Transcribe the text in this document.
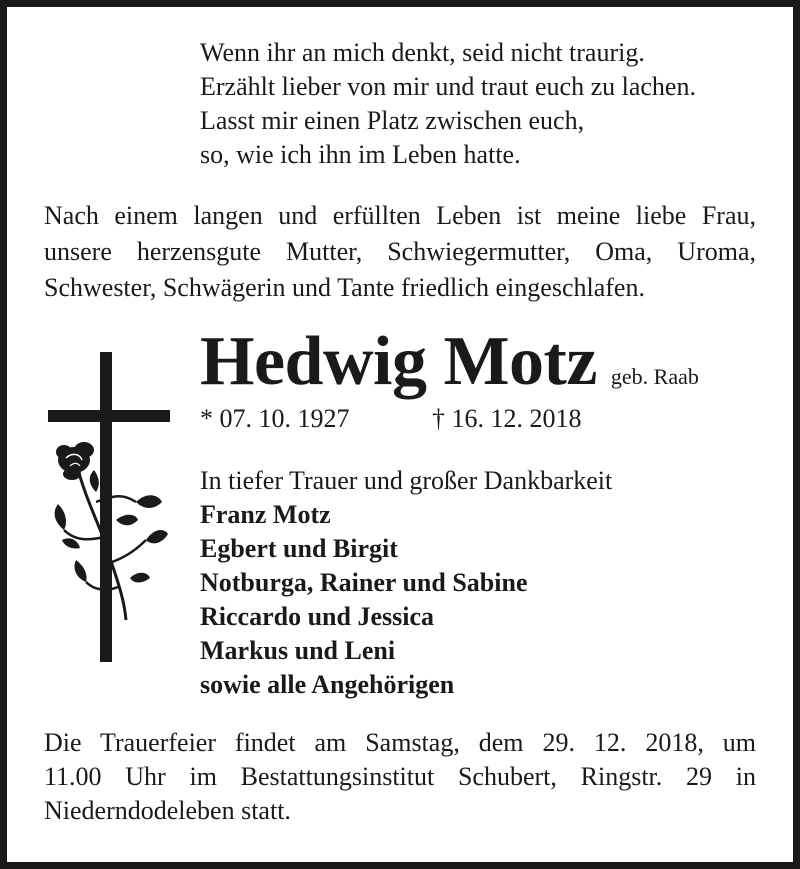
Wenn ihr an mich denkt, seid nicht traurig.
Erzählt lieber von mir und traut euch zu lachen.
Lasst mir einen Platz zwischen euch,
so, wie ich ihn im Leben hatte.
Nach einem langen und erfüllten Leben ist meine liebe Frau,
unsere herzensgute Mutter, Schwiegermutter, Oma, Uroma,
Schwester, Schwägerin und Tante friedlich eingeschlafen.
Hedwig Motz geb. Raab
* 07. 10. 1927	† 16. 12. 2018
In tiefer Trauer und großer Dankbarkeit
Franz Motz
Egbert und Birgit
Notburga, Rainer und Sabine
Riccardo und Jessica
Markus und Leni
sowie alle Angehörigen
Die Trauerfeier findet am Samstag, dem 29. 12. 2018, um
11.00 Uhr im Bestattungsinstitut Schubert, Ringstr. 29 in
Niederndodeleben statt.
